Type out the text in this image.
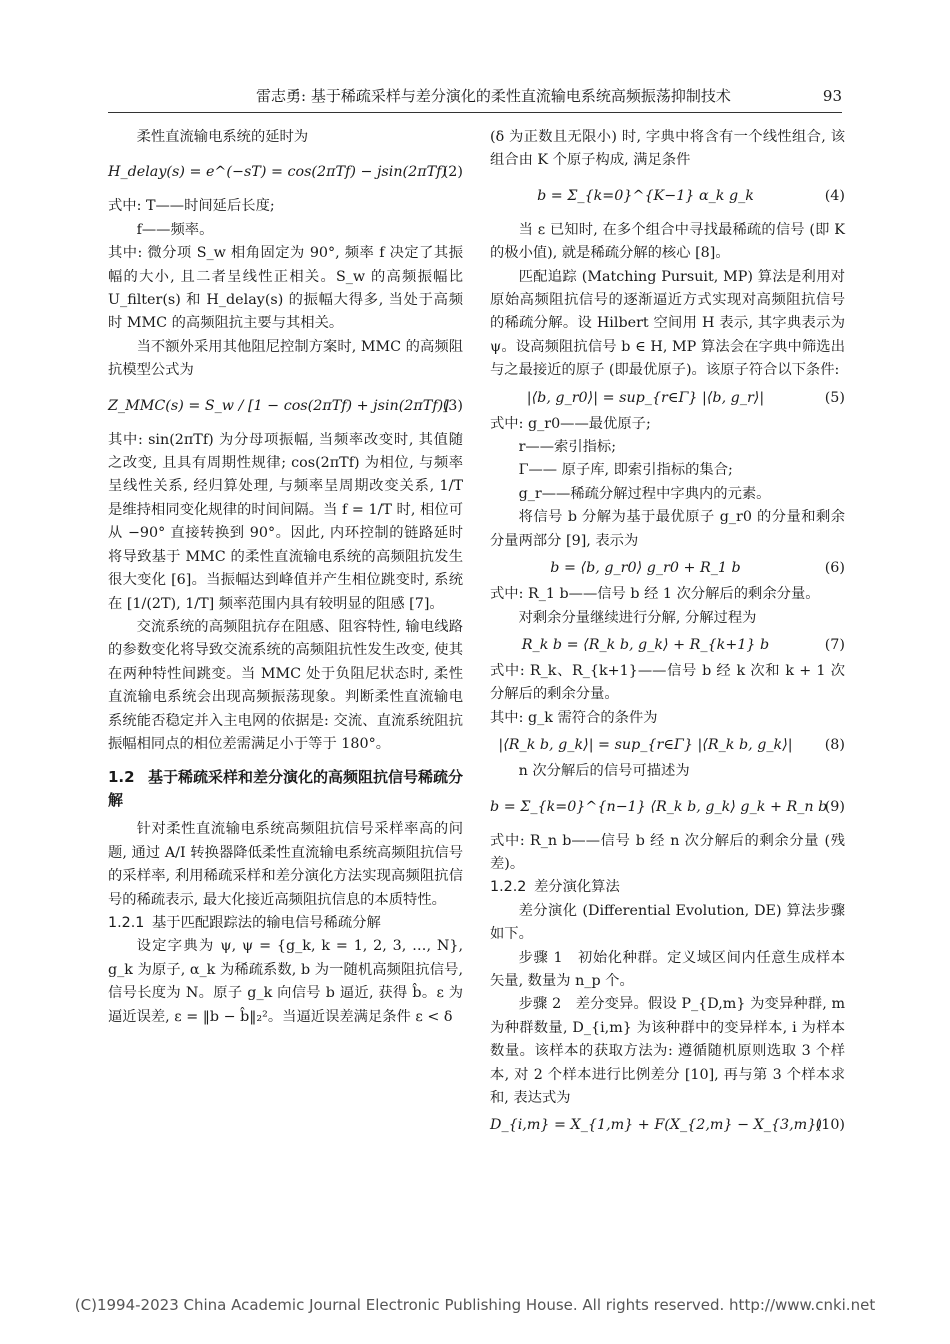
雷志勇: 基于稀疏采样与差分演化的柔性直流输电系统高频振荡抑制技术	93

柔性直流输电系统的延时为

H_delay(s) = e^(−sT) = cos(2πTf) − jsin(2πTf)
(2)

式中: T——时间延后长度;

f——频率。

其中: 微分项 S_w 相角固定为 90°, 频率 f 决定了其振幅的大小, 且二者呈线性正相关。S_w 的高频振幅比 U_filter(s) 和 H_delay(s) 的振幅大得多, 当处于高频时 MMC 的高频阻抗主要与其相关。

当不额外采用其他阻尼控制方案时, MMC 的高频阻抗模型公式为

Z_MMC(s) = S_w / [1 − cos(2πTf) + jsin(2πTf)]
(3)

其中: sin(2πTf) 为分母项振幅, 当频率改变时, 其值随之改变, 且具有周期性规律; cos(2πTf) 为相位, 与频率呈线性关系, 经归算处理, 与频率呈周期改变关系, 1/T 是维持相同变化规律的时间间隔。当 f = 1/T 时, 相位可从 −90° 直接转换到 90°。因此, 内环控制的链路延时将导致基于 MMC 的柔性直流输电系统的高频阻抗发生很大变化 [6]。当振幅达到峰值并产生相位跳变时, 系统在 [1/(2T), 1/T] 频率范围内具有较明显的阻感 [7]。

交流系统的高频阻抗存在阻感、阻容特性, 输电线路的参数变化将导致交流系统的高频阻抗性发生改变, 使其在两种特性间跳变。当 MMC 处于负阻尼状态时, 柔性直流输电系统会出现高频振荡现象。判断柔性直流输电系统能否稳定并入主电网的依据是: 交流、直流系统阻抗振幅相同点的相位差需满足小于等于 180°。

1.2 基于稀疏采样和差分演化的高频阻抗信号稀疏分解

针对柔性直流输电系统高频阻抗信号采样率高的问题, 通过 A/I 转换器降低柔性直流输电系统高频阻抗信号的采样率, 利用稀疏采样和差分演化方法实现高频阻抗信号的稀疏表示, 最大化接近高频阻抗信息的本质特性。

1.2.1 基于匹配跟踪法的输电信号稀疏分解

设定字典为 ψ, ψ = {g_k, k = 1, 2, 3, …, N}, g_k 为原子, α_k 为稀疏系数, b 为一随机高频阻抗信号, 信号长度为 N。原子 g_k 向信号 b 逼近, 获得 b̂。ε 为逼近误差, ε = ‖b − b̂‖₂²。当逼近误差满足条件 ε < δ

(δ 为正数且无限小) 时, 字典中将含有一个线性组合, 该组合由 K 个原子构成, 满足条件

b = Σ_{k=0}^{K−1} α_k g_k	(4)

当 ε 已知时, 在多个组合中寻找最稀疏的信号 (即 K 的极小值), 就是稀疏分解的核心 [8]。

匹配追踪 (Matching Pursuit, MP) 算法是利用对原始高频阻抗信号的逐渐逼近方式实现对高频阻抗信号的稀疏分解。设 Hilbert 空间用 H 表示, 其字典表示为 ψ。设高频阻抗信号 b ∈ H, MP 算法会在字典中筛选出与之最接近的原子 (即最优原子)。该原子符合以下条件:

|⟨b, g_r0⟩| = sup_{r∈Γ} |⟨b, g_r⟩|	(5)

式中: g_r0——最优原子;

r——索引指标;

Γ—— 原子库, 即索引指标的集合;

g_r——稀疏分解过程中字典内的元素。

将信号 b 分解为基于最优原子 g_r0 的分量和剩余分量两部分 [9], 表示为

b = ⟨b, g_r0⟩ g_r0 + R_1 b	(6)

式中: R_1 b——信号 b 经 1 次分解后的剩余分量。

对剩余分量继续进行分解, 分解过程为

R_k b = ⟨R_k b, g_k⟩ + R_{k+1} b	(7)

式中: R_k、R_{k+1}——信号 b 经 k 次和 k + 1 次分解后的剩余分量。

其中: g_k 需符合的条件为

|⟨R_k b, g_k⟩| = sup_{r∈Γ} |⟨R_k b, g_k⟩|	(8)

n 次分解后的信号可描述为

b = Σ_{k=0}^{n−1} ⟨R_k b, g_k⟩ g_k + R_n b
(9)

式中: R_n b——信号 b 经 n 次分解后的剩余分量 (残差)。

1.2.2 差分演化算法

差分演化 (Differential Evolution, DE) 算法步骤如下。

步骤 1　初始化种群。定义域区间内任意生成样本矢量, 数量为 n_p 个。

步骤 2　差分变异。假设 P_{D,m} 为变异种群, m 为种群数量, D_{i,m} 为该种群中的变异样本, i 为样本数量。该样本的获取方法为: 遵循随机原则选取 3 个样本, 对 2 个样本进行比例差分 [10], 再与第 3 个样本求和, 表达式为

D_{i,m} = X_{1,m} + F(X_{2,m} − X_{3,m})
(10)
(C)1994-2023 China Academic Journal Electronic Publishing House. All rights reserved. http://www.cnki.net
